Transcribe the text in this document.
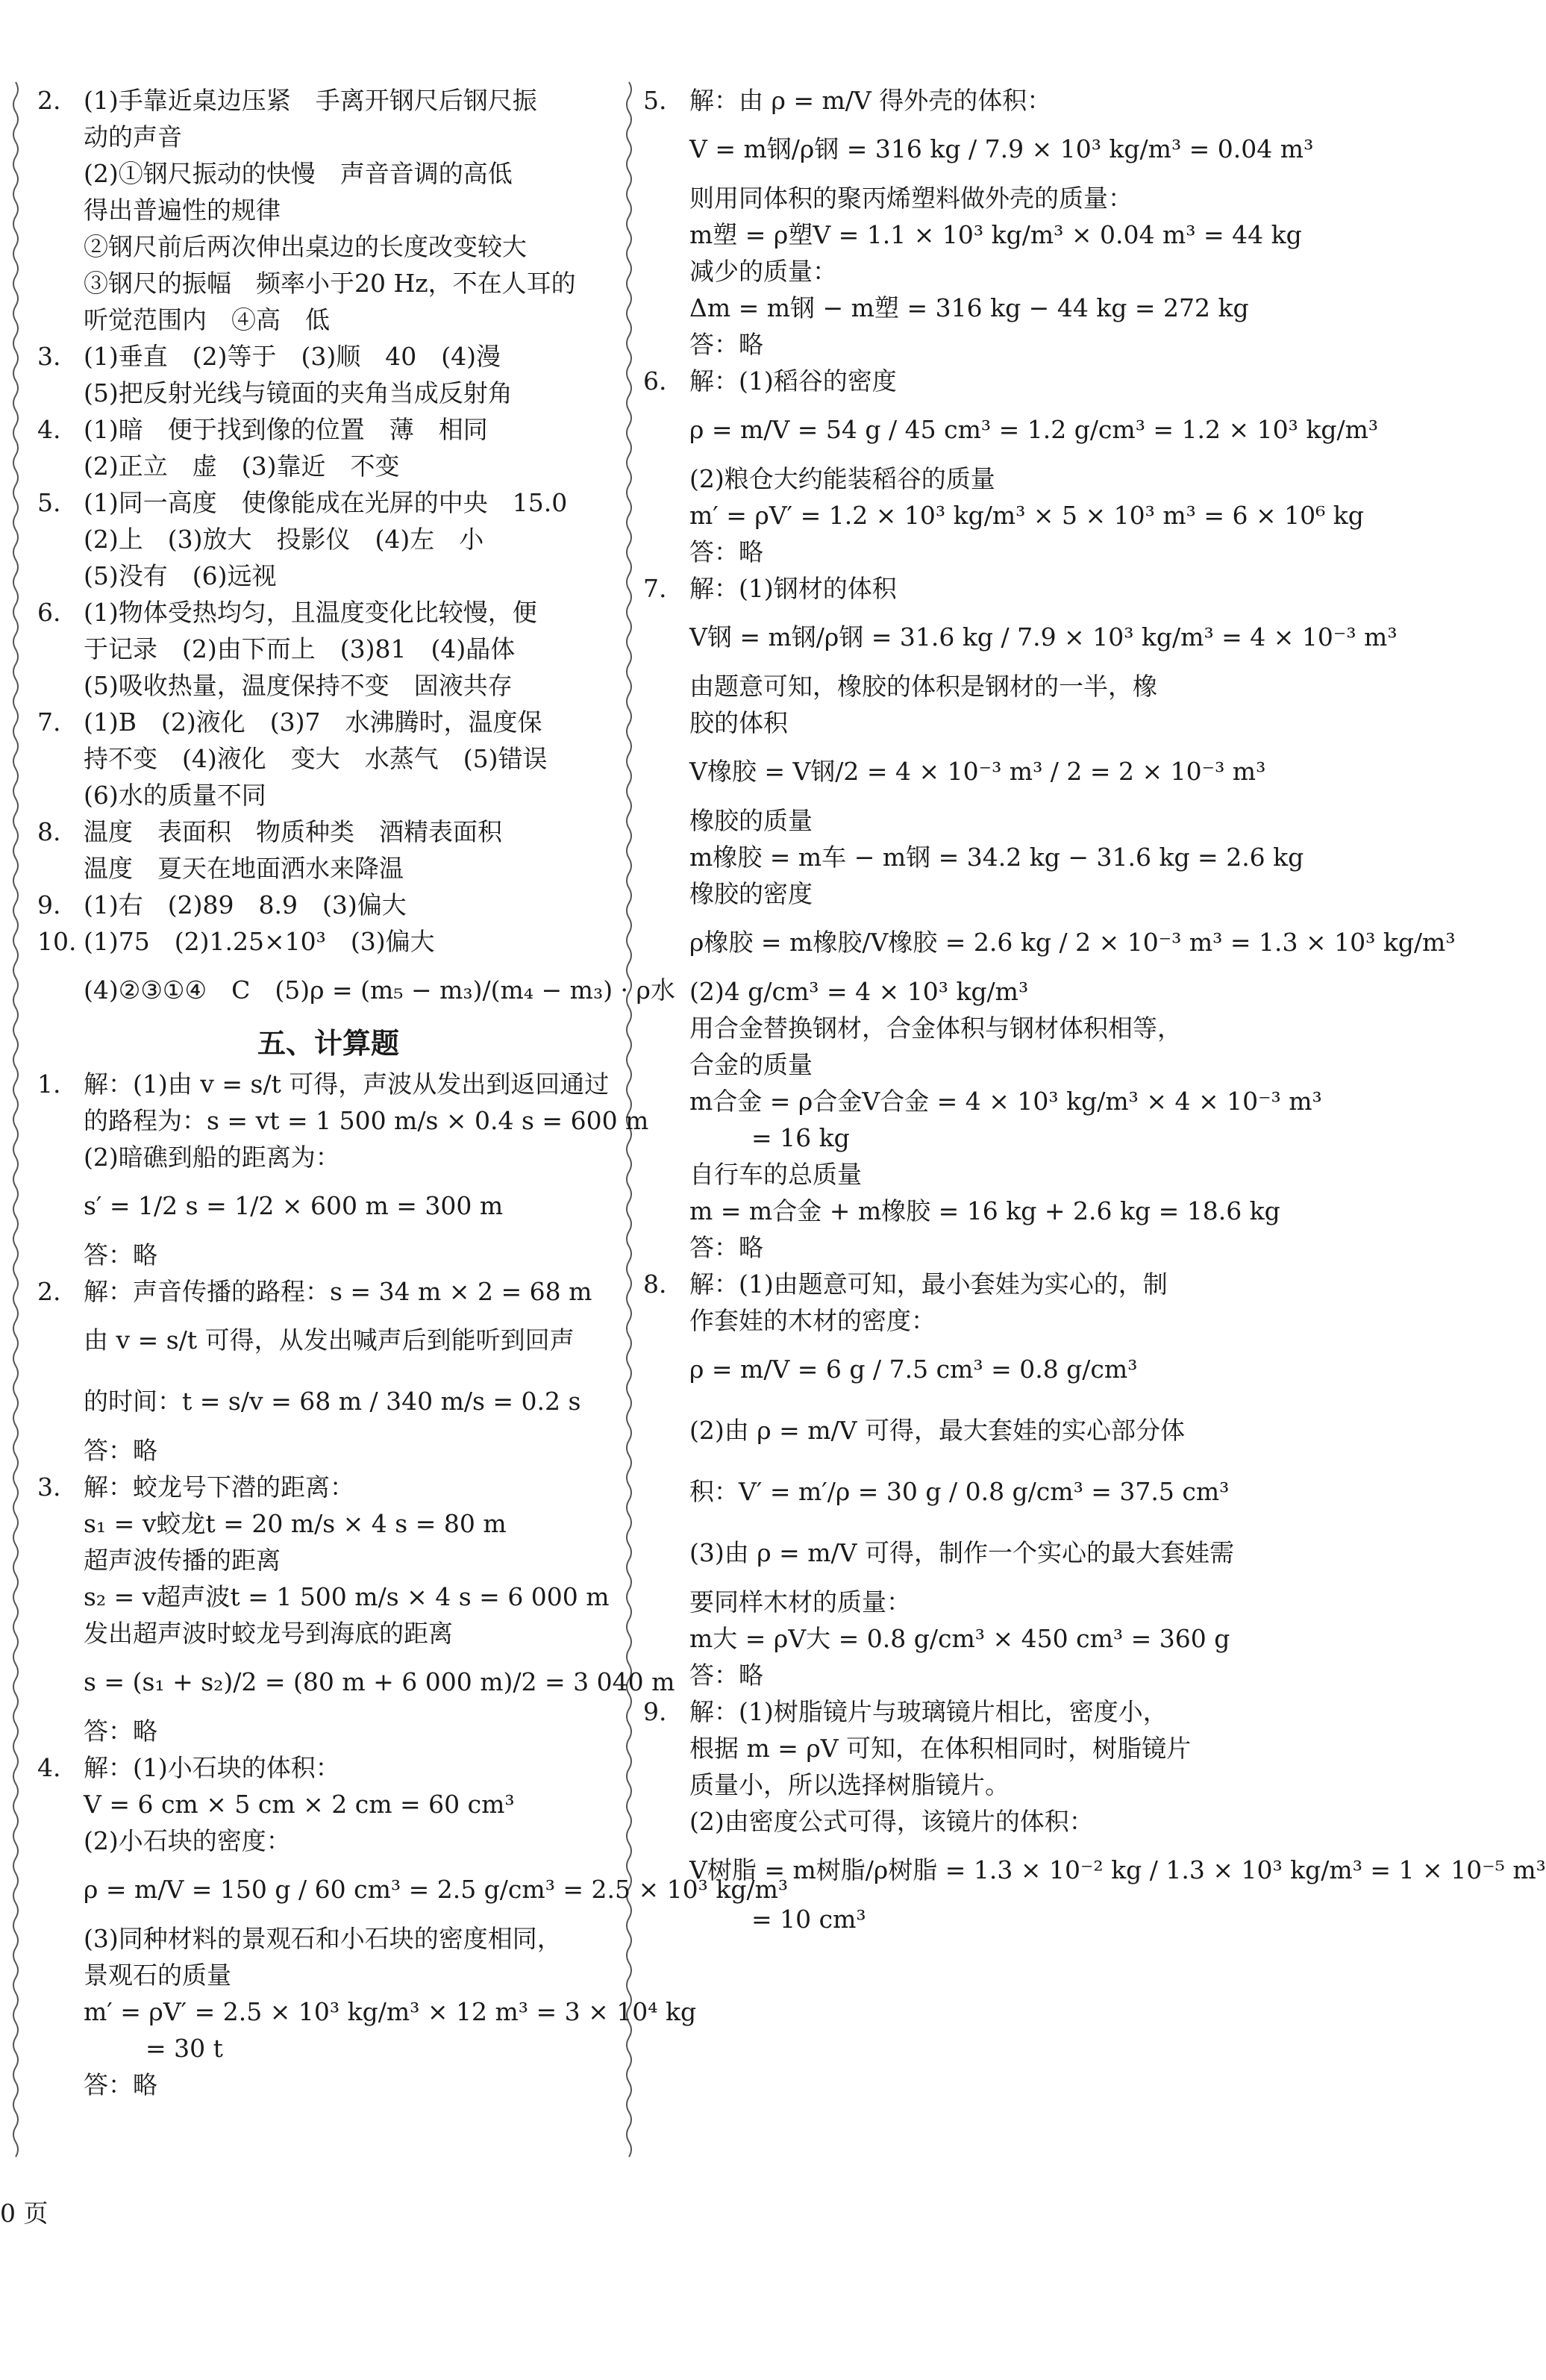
2. (1)手靠近桌边压紧　手离开钢尺后钢尺振
动的声音
(2)①钢尺振动的快慢　声音音调的高低
得出普遍性的规律
②钢尺前后两次伸出桌边的长度改变较大
③钢尺的振幅　频率小于20 Hz，不在人耳的
听觉范围内　④高　低
3. (1)垂直　(2)等于　(3)顺　40　(4)漫
(5)把反射光线与镜面的夹角当成反射角
4. (1)暗　便于找到像的位置　薄　相同
(2)正立　虚　(3)靠近　不变
5. (1)同一高度　使像能成在光屏的中央　15.0
(2)上　(3)放大　投影仪　(4)左　小
(5)没有　(6)远视
6. (1)物体受热均匀，且温度变化比较慢，便
于记录　(2)由下而上　(3)81　(4)晶体
(5)吸收热量，温度保持不变　固液共存
7. (1)B　(2)液化　(3)7　水沸腾时，温度保
持不变　(4)液化　变大　水蒸气　(5)错误
(6)水的质量不同
8. 温度　表面积　物质种类　酒精表面积
温度　夏天在地面洒水来降温
9. (1)右　(2)89　8.9　(3)偏大
10. (1)75　(2)1.25×10³　(3)偏大
(4)②③①④　C　(5)ρ = (m₅ − m₃)/(m₄ − m₃) · ρ水
五、计算题
1. 解：(1)由 v = s/t 可得，声波从发出到返回通过
的路程为：s = vt = 1 500 m/s × 0.4 s = 600 m
(2)暗礁到船的距离为：
s′ = 1/2 s = 1/2 × 600 m = 300 m
答：略
2. 解：声音传播的路程：s = 34 m × 2 = 68 m
由 v = s/t 可得，从发出喊声后到能听到回声
的时间：t = s/v = 68 m / 340 m/s = 0.2 s
答：略
3. 解：蛟龙号下潜的距离：
s₁ = v蛟龙t = 20 m/s × 4 s = 80 m
超声波传播的距离
s₂ = v超声波t = 1 500 m/s × 4 s = 6 000 m
发出超声波时蛟龙号到海底的距离
s = (s₁ + s₂)/2 = (80 m + 6 000 m)/2 = 3 040 m
答：略
4. 解：(1)小石块的体积：
V = 6 cm × 5 cm × 2 cm = 60 cm³
(2)小石块的密度：
ρ = m/V = 150 g / 60 cm³ = 2.5 g/cm³ = 2.5 × 10³ kg/m³
(3)同种材料的景观石和小石块的密度相同，
景观石的质量
m′ = ρV′ = 2.5 × 10³ kg/m³ × 12 m³ = 3 × 10⁴ kg
= 30 t
答：略
5. 解：由 ρ = m/V 得外壳的体积：
V = m钢/ρ钢 = 316 kg / 7.9 × 10³ kg/m³ = 0.04 m³
则用同体积的聚丙烯塑料做外壳的质量：
m塑 = ρ塑V = 1.1 × 10³ kg/m³ × 0.04 m³ = 44 kg
减少的质量：
Δm = m钢 − m塑 = 316 kg − 44 kg = 272 kg
答：略
6. 解：(1)稻谷的密度
ρ = m/V = 54 g / 45 cm³ = 1.2 g/cm³ = 1.2 × 10³ kg/m³
(2)粮仓大约能装稻谷的质量
m′ = ρV′ = 1.2 × 10³ kg/m³ × 5 × 10³ m³ = 6 × 10⁶ kg
答：略
7. 解：(1)钢材的体积
V钢 = m钢/ρ钢 = 31.6 kg / 7.9 × 10³ kg/m³ = 4 × 10⁻³ m³
由题意可知，橡胶的体积是钢材的一半，橡
胶的体积
V橡胶 = V钢/2 = 4 × 10⁻³ m³ / 2 = 2 × 10⁻³ m³
橡胶的质量
m橡胶 = m车 − m钢 = 34.2 kg − 31.6 kg = 2.6 kg
橡胶的密度
ρ橡胶 = m橡胶/V橡胶 = 2.6 kg / 2 × 10⁻³ m³ = 1.3 × 10³ kg/m³
(2)4 g/cm³ = 4 × 10³ kg/m³
用合金替换钢材，合金体积与钢材体积相等，
合金的质量
m合金 = ρ合金V合金 = 4 × 10³ kg/m³ × 4 × 10⁻³ m³
= 16 kg
自行车的总质量
m = m合金 + m橡胶 = 16 kg + 2.6 kg = 18.6 kg
答：略
8. 解：(1)由题意可知，最小套娃为实心的，制
作套娃的木材的密度：
ρ = m/V = 6 g / 7.5 cm³ = 0.8 g/cm³
(2)由 ρ = m/V 可得，最大套娃的实心部分体
积：V′ = m′/ρ = 30 g / 0.8 g/cm³ = 37.5 cm³
(3)由 ρ = m/V 可得，制作一个实心的最大套娃需
要同样木材的质量：
m大 = ρV大 = 0.8 g/cm³ × 450 cm³ = 360 g
答：略
9. 解：(1)树脂镜片与玻璃镜片相比，密度小，
根据 m = ρV 可知，在体积相同时，树脂镜片
质量小，所以选择树脂镜片。
(2)由密度公式可得，该镜片的体积：
V树脂 = m树脂/ρ树脂 = 1.3 × 10⁻² kg / 1.3 × 10³ kg/m³ = 1 × 10⁻⁵ m³
= 10 cm³
0 页
